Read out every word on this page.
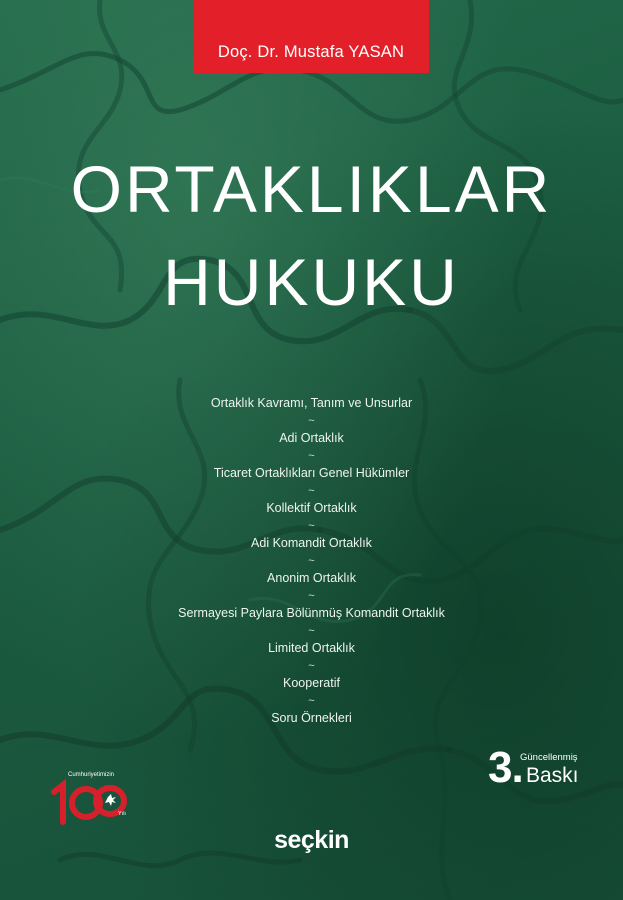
Doç. Dr. Mustafa YASAN
ORTAKLIKLAR
HUKUKU
Ortaklık Kavramı, Tanım ve Unsurlar
~
Adi Ortaklık
~
Ticaret Ortaklıkları Genel Hükümler
~
Kollektif Ortaklık
~
Adi Komandit Ortaklık
~
Anonim Ortaklık
~
Sermayesi Paylara Bölünmüş Komandit Ortaklık
~
Limited Ortaklık
~
Kooperatif
~
Soru Örnekleri
3.
Güncellenmiş
Baskı
Cumhuriyetimizin
Yılı
seçkin
